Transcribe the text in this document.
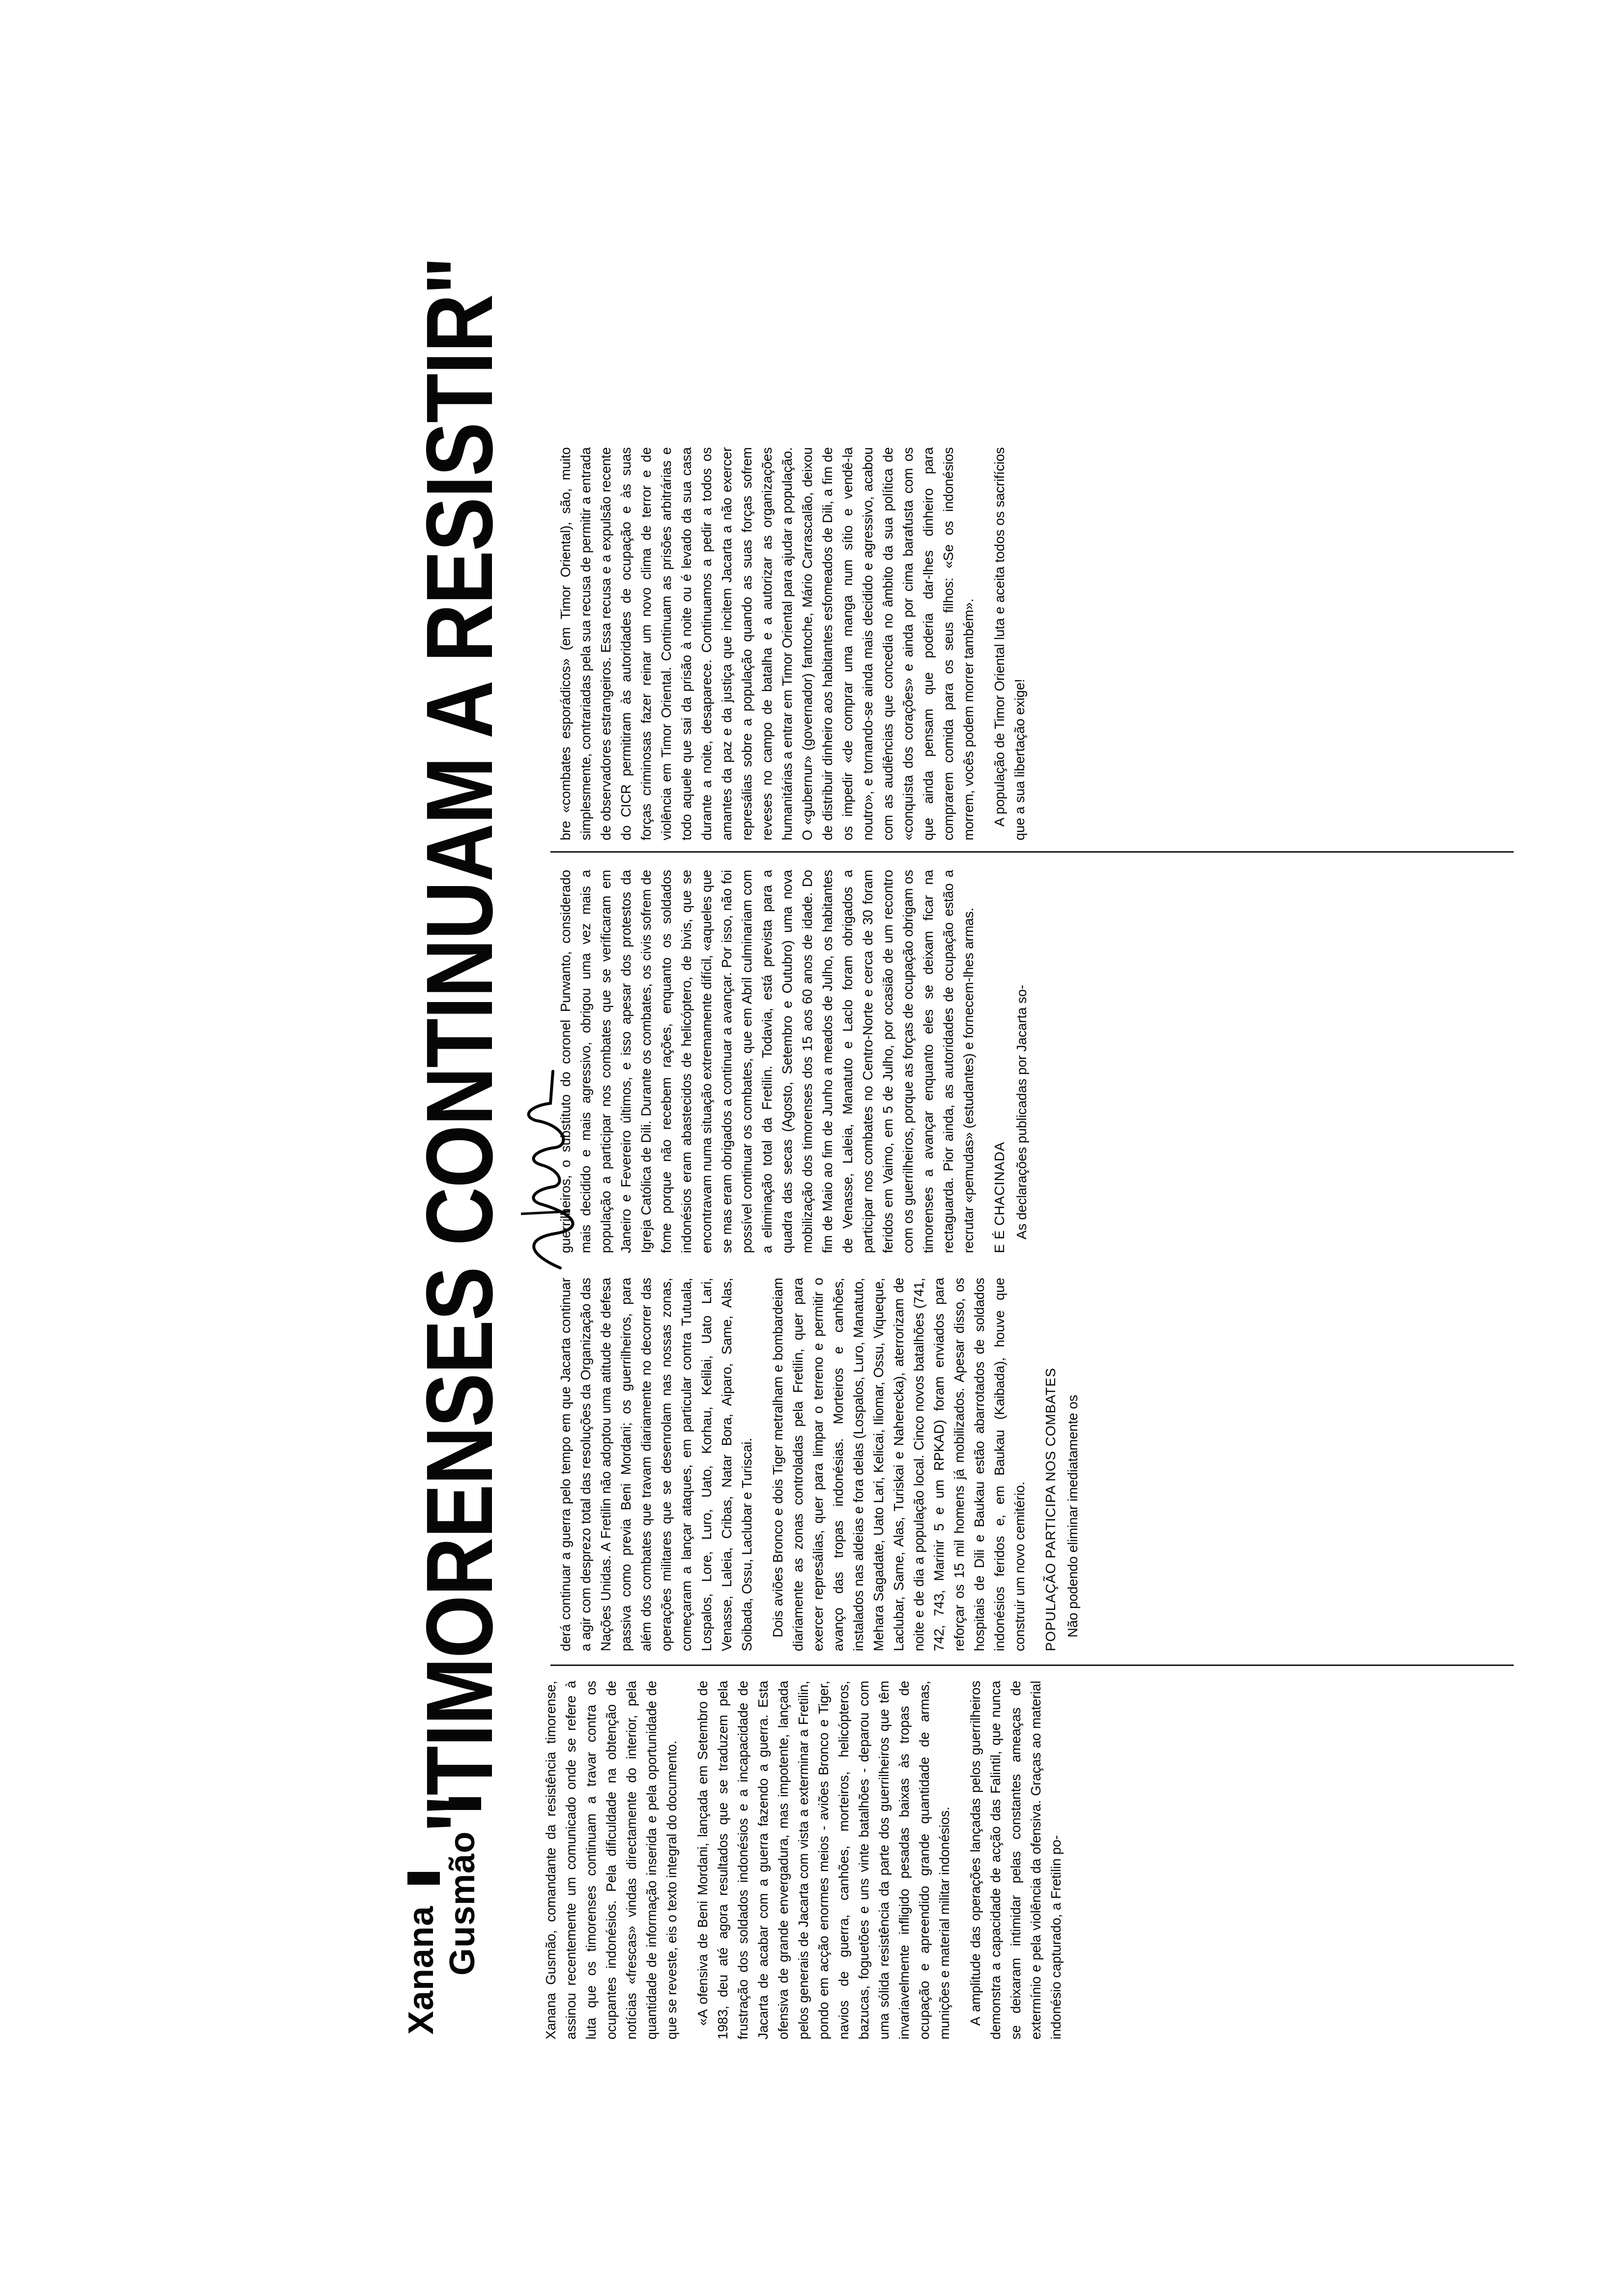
Xanana Gusmão
"TIMORENSES CONTINUAM A RESISTIR"

Xanana Gusmão, comandante da resistência timorense, assinou recentemente um comunicado onde se refere à luta que os timorenses continuam a travar contra os ocupantes indonésios. Pela dificuldade na obtenção de notícias «frescas» vindas directamente do interior, pela quantidade de informação inserida e pela oportunidade de que se reveste, eis o texto integral do documento. «A ofensiva de Beni Mordani, lançada em Setembro de 1983, deu até agora resultados que se traduzem pela frustração dos soldados indonésios e a incapacidade de Jacarta de acabar com a guerra fazendo a guerra. Esta ofensiva de grande envergadura, mas impotente, lançada pelos generais de Jacarta com vista a exterminar a Fretilin, pondo em acção enormes meios - aviões Bronco e Tiger, navios de guerra, canhões, morteiros, helicópteros, bazucas, foguetões e uns vinte batalhões - deparou com uma sólida resistência da parte dos guerrilheiros que têm invariavelmente infligido pesadas baixas às tropas de ocupação e apreendido grande quantidade de armas, munições e material militar indonésios. A amplitude das operações lançadas pelos guerrilheiros demonstra a capacidade de acção das Falintil, que nunca se deixaram intimidar pelas constantes ameaças de extermínio e pela violência da ofensiva. Graças ao material indonésio capturado, a Fretilin po-

derá continuar a guerra pelo tempo em que Jacarta continuar a agir com desprezo total das resoluções da Organização das Nações Unidas. A Fretilin não adoptou uma atitude de defesa passiva como previa Beni Mordani; os guerrilheiros, para além dos combates que travam diariamente no decorrer das operações militares que se desenrolam nas nossas zonas, começaram a lançar ataques, em particular contra Tutuala, Lospalos, Lore, Luro, Uato, Korhau, Kelilai, Uato Lari, Venasse, Laleia, Cribas, Natar Bora, Aiparo, Same, Alas, Soibada, Ossu, Laclubar e Turiscai. Dois aviões Bronco e dois Tiger metralham e bombardeiam diariamente as zonas controladas pela Fretilin, quer para exercer represálias, quer para limpar o terreno e permitir o avanço das tropas indonésias. Morteiros e canhões, instalados nas aldeias e fora delas (Lospalos, Luro, Manatuto, Mehara Sagadate, Uato Lari, Kelicai, Iliomar, Ossu, Viqueque, Laclubar, Same, Alas, Turiskai e Naherecka), aterrorizam de noite e de dia a população local. Cinco novos batalhões (741, 742, 743, Marinir 5 e um RPKAD) foram enviados para reforçar os 15 mil homens já mobilizados. Apesar disso, os hospitais de Dili e Baukau estão abarrotados de soldados indonésios feridos e, em Baukau (Kaibada), houve que construir um novo cemitério. POPULAÇÃO PARTICIPA NOS COMBATES Não podendo eliminar imediatamente os

guerrilheiros, o substituto do coronel Purwanto, considerado mais decidido e mais agressivo, obrigou uma vez mais a população a participar nos combates que se verificaram em Janeiro e Fevereiro últimos, e isso apesar dos protestos da Igreja Católica de Dili. Durante os combates, os civis sofrem de fome porque não recebem rações, enquanto os soldados indonésios eram abastecidos de helicóptero, de bivis, que se encontravam numa situação extremamente difícil, «aqueles que se mas eram obrigados a continuar a avançar. Por isso, não foi possível continuar os combates, que em Abril culminariam com a eliminação total da Fretilin. Todavia, está prevista para a quadra das secas (Agosto, Setembro e Outubro) uma nova mobilização dos timorenses dos 15 aos 60 anos de idade. Do fim de Maio ao fim de Junho a meados de Julho, os habitantes de Venasse, Laleia, Manatuto e Laclo foram obrigados a participar nos combates no Centro-Norte e cerca de 30 foram feridos em Vaimo, em 5 de Julho, por ocasião de um recontro com os guerrilheiros, porque as forças de ocupação obrigam os timorenses a avançar enquanto eles se deixam ficar na rectaguarda. Pior ainda, as autoridades de ocupação estão a recrutar «pemudas» (estudantes) e fornecem-lhes armas. E É CHACINADA As declarações publicadas por Jacarta so-

bre «combates esporádicos» (em Timor Oriental), são, muito simplesmente, contrariadas pela sua recusa de permitir a entrada de observadores estrangeiros. Essa recusa e a expulsão recente do CICR permitiram às autoridades de ocupação e às suas forças criminosas fazer reinar um novo clima de terror e de violência em Timor Oriental. Continuam as prisões arbitrárias e todo aquele que sai da prisão à noite ou é levado da sua casa durante a noite, desaparece. Continuamos a pedir a todos os amantes da paz e da justiça que incitem Jacarta a não exercer represálias sobre a população quando as suas forças sofrem reveses no campo de batalha e a autorizar as organizações humanitárias a entrar em Timor Oriental para ajudar a população. O «gubernur» (governador) fantoche, Mário Carrascalão, deixou de distribuir dinheiro aos habitantes esfomeados de Dili, a fim de os impedir «de comprar uma manga num sítio e vendê-la noutro», e tornando-se ainda mais decidido e agressivo, acabou com as audiências que concedia no âmbito da sua política de «conquista dos corações» e ainda por cima barafusta com os que ainda pensam que poderia dar-lhes dinheiro para comprarem comida para os seus filhos: «Se os indonésios morrem, vocês podem morrer também». A população de Timor Oriental luta e aceita todos os sacrifícios que a sua libertação exige!
